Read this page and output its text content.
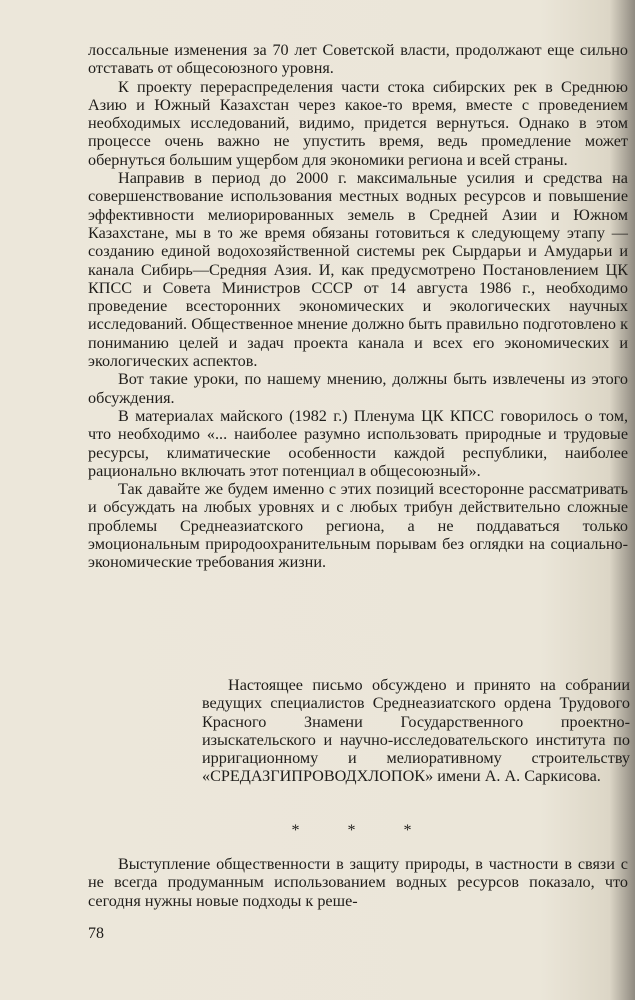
лоссальные изменения за 70 лет Советской власти, продолжают еще сильно отставать от общесоюзного уровня.

К проекту перераспределения части стока сибирских рек в Среднюю Азию и Южный Казахстан через какое-то время, вместе с проведением необходимых исследований, видимо, придется вернуться. Однако в этом процессе очень важно не упустить время, ведь промедление может обернуться большим ущербом для экономики региона и всей страны.

Направив в период до 2000 г. максимальные усилия и средства на совершенствование использования местных водных ресурсов и повышение эффективности мелиорированных земель в Средней Азии и Южном Казахстане, мы в то же время обязаны готовиться к следующему этапу — созданию единой водохозяйственной системы рек Сырдарьи и Амударьи и канала Сибирь—Средняя Азия. И, как предусмотрено Постановлением ЦК КПСС и Совета Министров СССР от 14 августа 1986 г., необходимо проведение всесторонних экономических и экологических научных исследований. Общественное мнение должно быть правильно подготовлено к пониманию целей и задач проекта канала и всех его экономических и экологических аспектов.

Вот такие уроки, по нашему мнению, должны быть извлечены из этого обсуждения.

В материалах майского (1982 г.) Пленума ЦК КПСС говорилось о том, что необходимо «... наиболее разумно использовать природные и трудовые ресурсы, климатические особенности каждой республики, наиболее рационально включать этот потенциал в общесоюзный».

Так давайте же будем именно с этих позиций всесторонне рассматривать и обсуждать на любых уровнях и с любых трибун действительно сложные проблемы Среднеазиатского региона, а не поддаваться только эмоциональным природоохранительным порывам без оглядки на социально-экономические требования жизни.

Настоящее письмо обсуждено и принято на собрании ведущих специалистов Среднеазиатского ордена Трудового Красного Знамени Государственного проектно-изыскательского и научно-исследовательского института по ирригационному и мелиоративному строительству «СРЕДАЗГИПРОВОДХЛОПОК» имени А. А. Саркисова.

* * *

Выступление общественности в защиту природы, в частности в связи с не всегда продуманным использованием водных ресурсов показало, что сегодня нужны новые подходы к реше-

78
